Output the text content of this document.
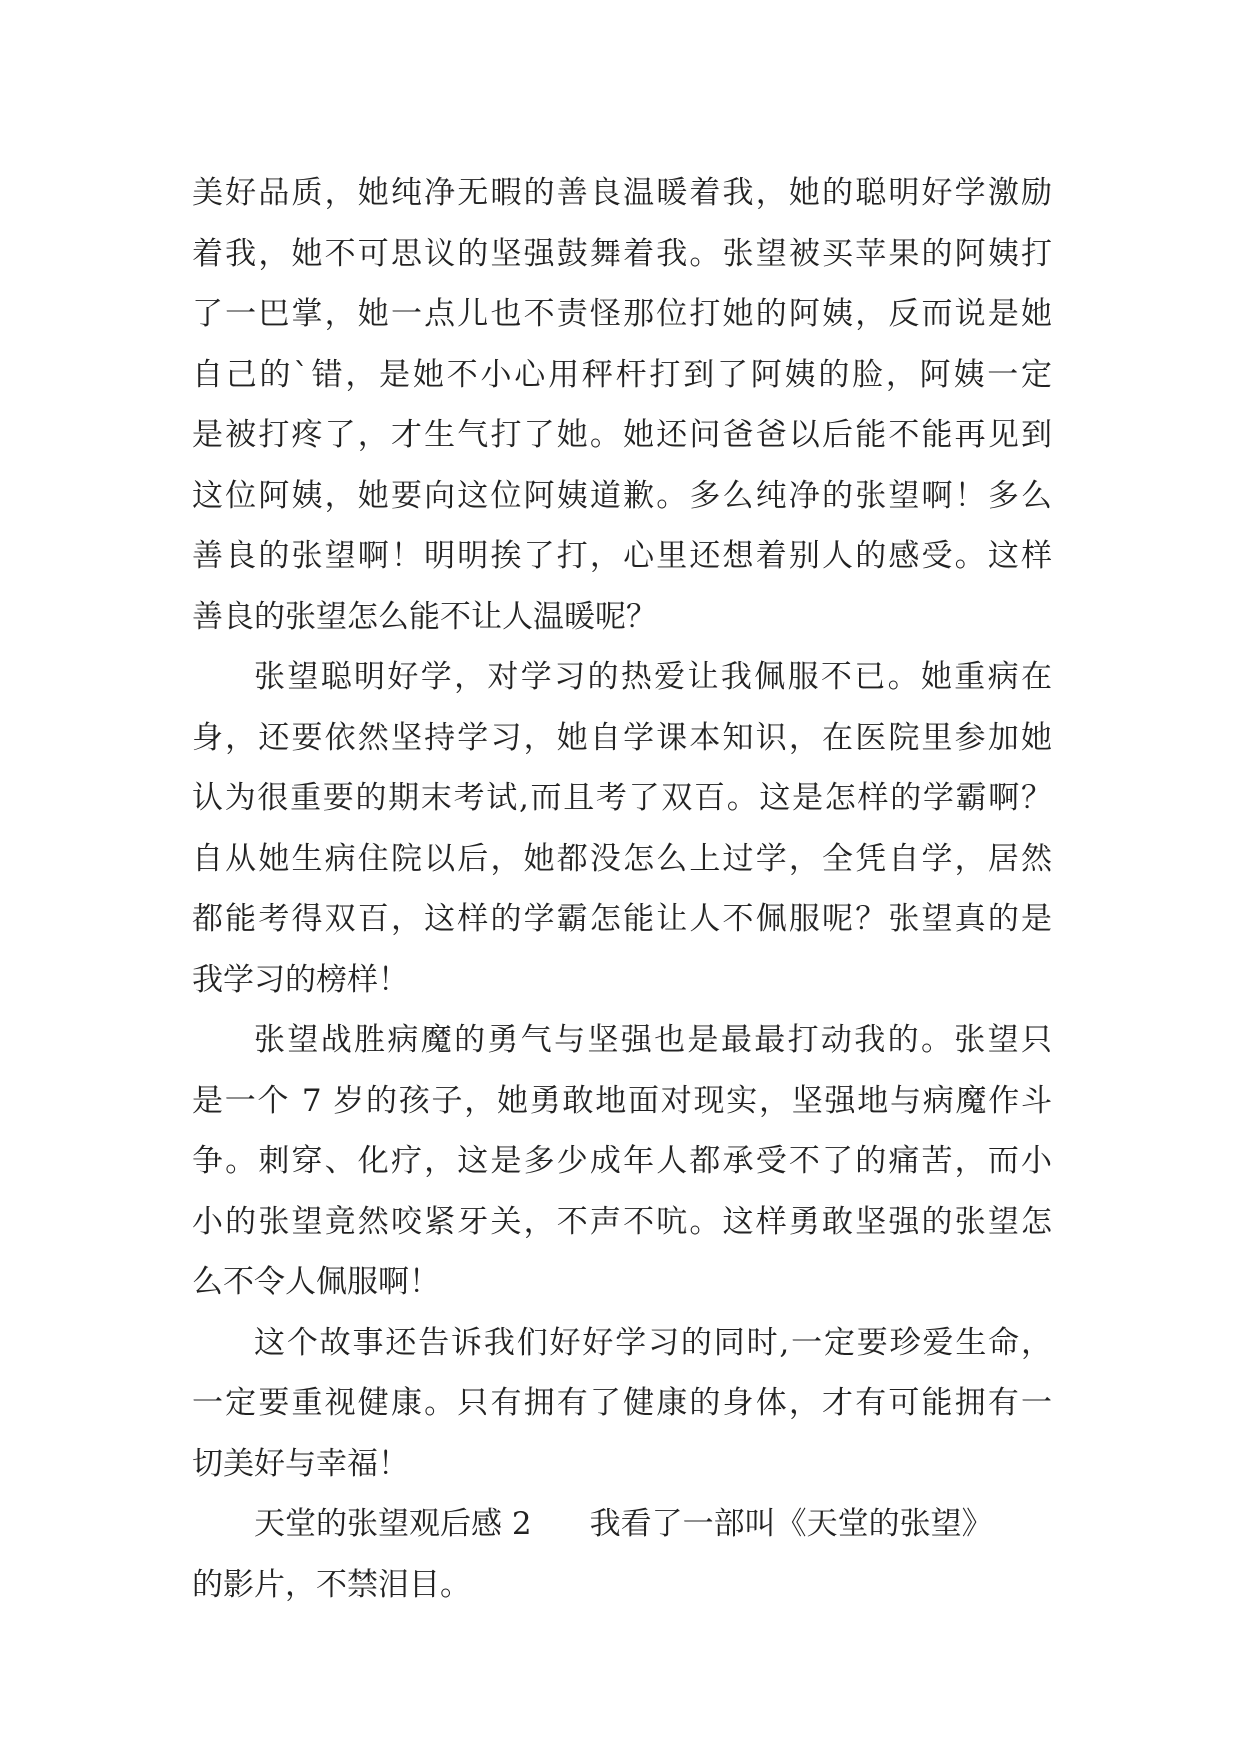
美好品质，她纯净无暇的善良温暖着我，她的聪明好学激励
着我，她不可思议的坚强鼓舞着我。张望被买苹果的阿姨打
了一巴掌，她一点儿也不责怪那位打她的阿姨，反而说是她
自己的`错，是她不小心用秤杆打到了阿姨的脸，阿姨一定
是被打疼了，才生气打了她。她还问爸爸以后能不能再见到
这位阿姨，她要向这位阿姨道歉。多么纯净的张望啊！多么
善良的张望啊！明明挨了打，心里还想着别人的感受。这样
善良的张望怎么能不让人温暖呢？
张望聪明好学，对学习的热爱让我佩服不已。她重病在
身，还要依然坚持学习，她自学课本知识，在医院里参加她
认为很重要的期末考试,而且考了双百。这是怎样的学霸啊？
自从她生病住院以后，她都没怎么上过学，全凭自学，居然
都能考得双百，这样的学霸怎能让人不佩服呢？张望真的是
我学习的榜样！
张望战胜病魔的勇气与坚强也是最最打动我的。张望只
是一个 7 岁的孩子，她勇敢地面对现实，坚强地与病魔作斗
争。刺穿、化疗，这是多少成年人都承受不了的痛苦，而小
小的张望竟然咬紧牙关，不声不吭。这样勇敢坚强的张望怎
么不令人佩服啊！
这个故事还告诉我们好好学习的同时,一定要珍爱生命，
一定要重视健康。只有拥有了健康的身体，才有可能拥有一
切美好与幸福！
天堂的张望观后感 2 我看了一部叫《天堂的张望》
的影片，不禁泪目。
